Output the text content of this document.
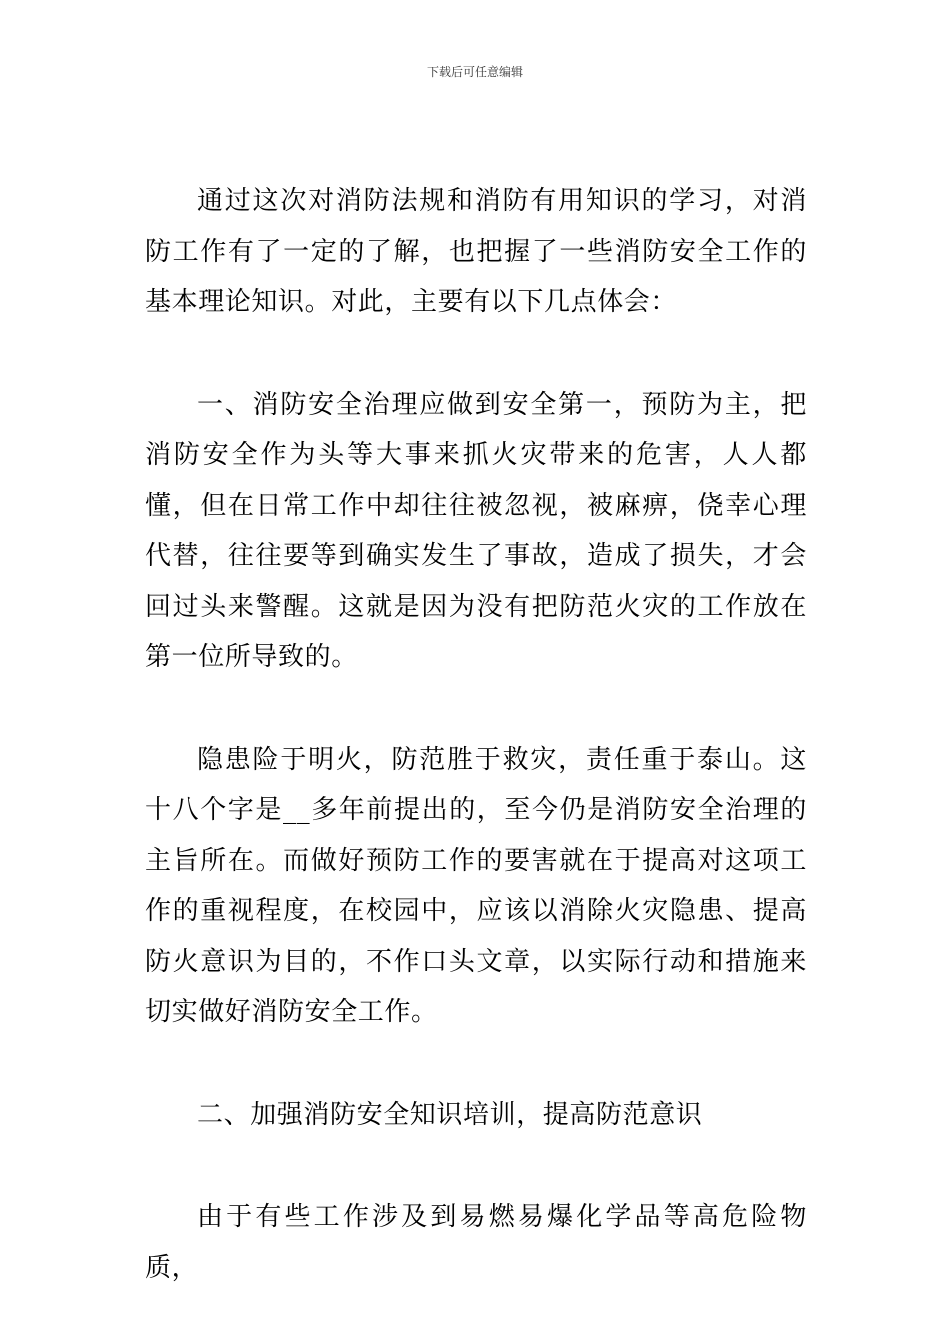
下载后可任意编辑

通过这次对消防法规和消防有用知识的学习，对消防工作有了一定的了解，也把握了一些消防安全工作的基本理论知识。对此，主要有以下几点体会：

一、消防安全治理应做到安全第一，预防为主，把消防安全作为头等大事来抓火灾带来的危害，人人都懂，但在日常工作中却往往被忽视，被麻痹，侥幸心理代替，往往要等到确实发生了事故，造成了损失，才会回过头来警醒。这就是因为没有把防范火灾的工作放在第一位所导致的。

隐患险于明火，防范胜于救灾，责任重于泰山。这十八个字是__多年前提出的，至今仍是消防安全治理的主旨所在。而做好预防工作的要害就在于提高对这项工作的重视程度，在校园中，应该以消除火灾隐患、提高防火意识为目的，不作口头文章，以实际行动和措施来切实做好消防安全工作。

二、加强消防安全知识培训，提高防范意识

由于有些工作涉及到易燃易爆化学品等高危险物质，
